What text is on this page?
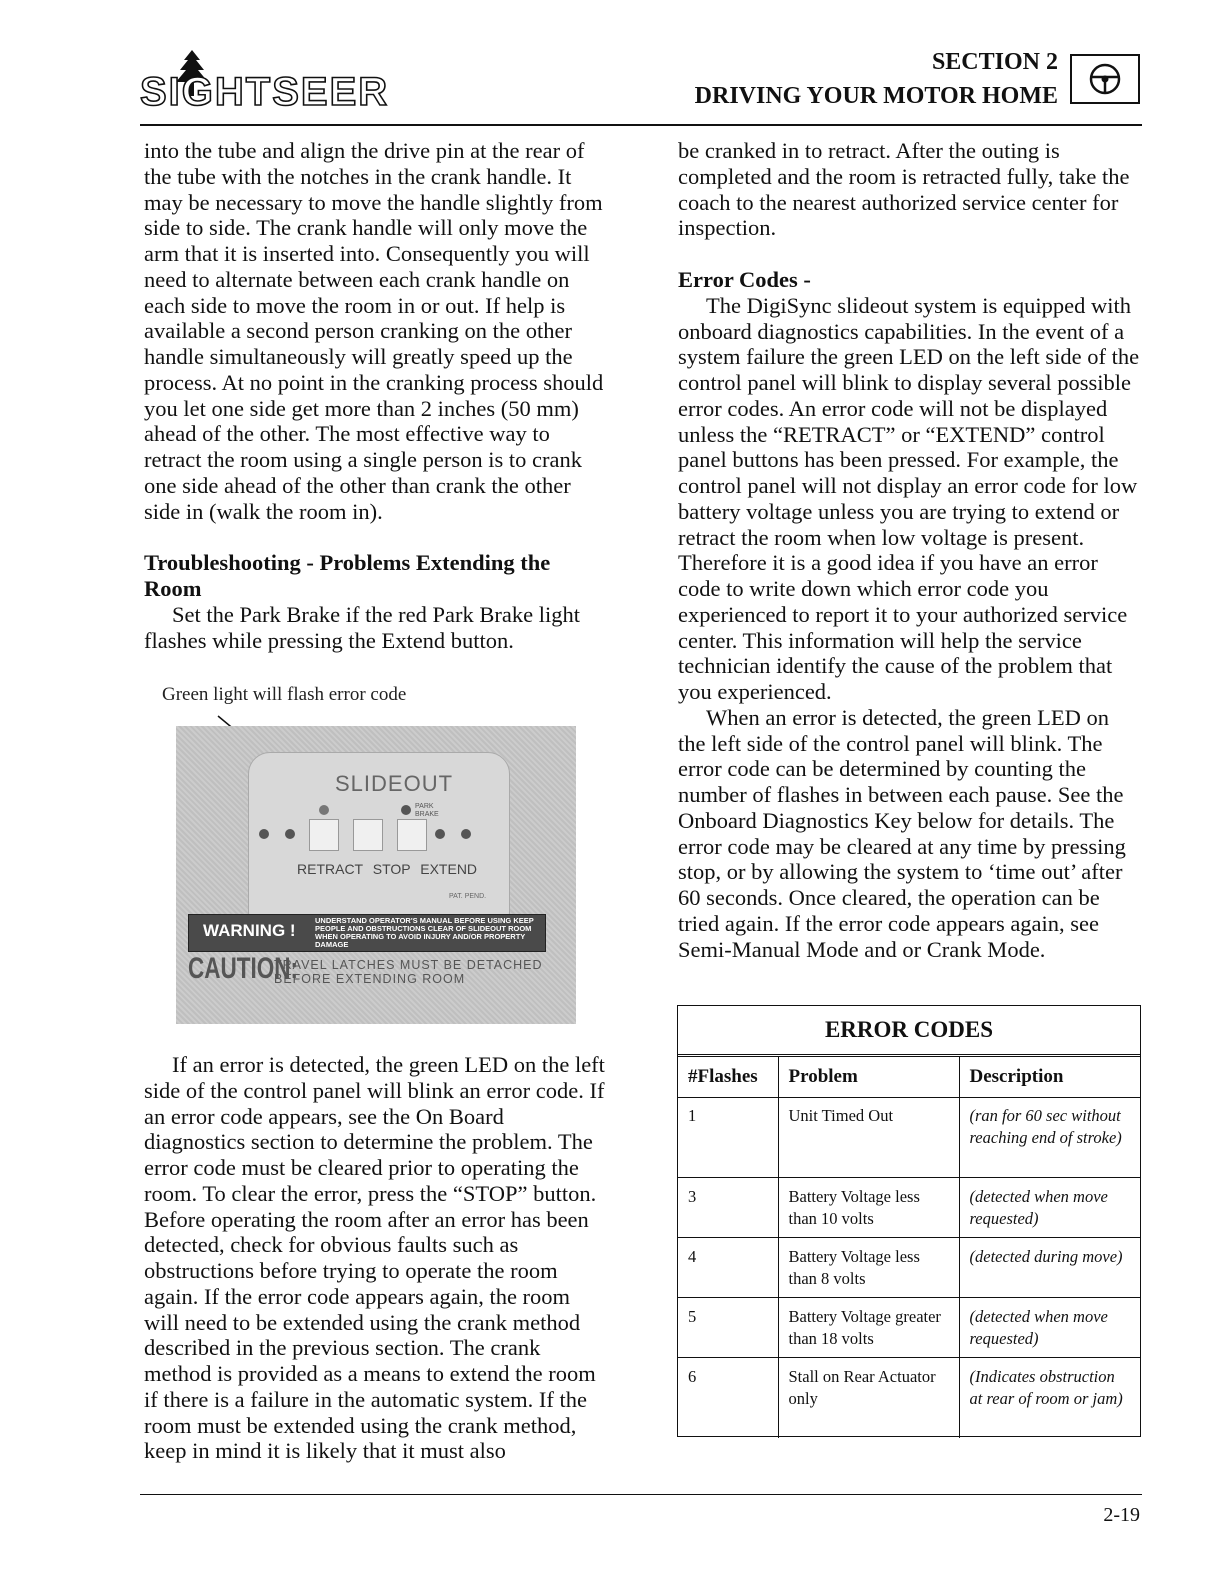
SIGHTSEER
SECTION 2
DRIVING YOUR MOTOR HOME

into the tube and align the drive pin at the rear of the tube with the notches in the crank handle. It may be necessary to move the handle slightly from side to side. The crank handle will only move the arm that it is inserted into. Consequently you will need to alternate between each crank handle on each side to move the room in or out. If help is available a second person cranking on the other handle simultaneously will greatly speed up the process. At no point in the cranking process should you let one side get more than 2 inches (50 mm) ahead of the other. The most effective way to retract the room using a single person is to crank one side ahead of the other than crank the other side in (walk the room in).

Troubleshooting - Problems Extending the Room

Set the Park Brake if the red Park Brake light flashes while pressing the Extend button.

Green light will flash error code
SLIDEOUT
PARK BRAKE
RETRACT STOP EXTEND
PAT. PEND.
WARNING !
UNDERSTAND OPERATOR'S MANUAL BEFORE USING KEEP PEOPLE AND OBSTRUCTIONS CLEAR OF SLIDEOUT ROOM WHEN OPERATING TO AVOID INJURY AND/OR PROPERTY DAMAGE
CAUTION:
TRAVEL LATCHES MUST BE DETACHED
BEFORE EXTENDING ROOM

If an error is detected, the green LED on the left side of the control panel will blink an error code. If an error code appears, see the On Board diagnostics section to determine the problem. The error code must be cleared prior to operating the room. To clear the error, press the “STOP” button. Before operating the room after an error has been detected, check for obvious faults such as obstructions before trying to operate the room again. If the error code appears again, the room will need to be extended using the crank method described in the previous section. The crank method is provided as a means to extend the room if there is a failure in the automatic system. If the room must be extended using the crank method, keep in mind it is likely that it must also

be cranked in to retract. After the outing is completed and the room is retracted fully, take the coach to the nearest authorized service center for inspection.

Error Codes -

The DigiSync slideout system is equipped with onboard diagnostics capabilities. In the event of a system failure the green LED on the left side of the control panel will blink to display several possible error codes. An error code will not be displayed unless the “RETRACT” or “EXTEND” control panel buttons has been pressed. For example, the control panel will not display an error code for low battery voltage unless you are trying to extend or retract the room when low voltage is present. Therefore it is a good idea if you have an error code to write down which error code you experienced to report it to your authorized service center. This information will help the service technician identify the cause of the problem that you experienced.

When an error is detected, the green LED on the left side of the control panel will blink. The error code can be determined by counting the number of flashes in between each pause. See the Onboard Diagnostics Key below for details. The error code may be cleared at any time by pressing stop, or by allowing the system to ‘time out’ after 60 seconds. Once cleared, the operation can be tried again. If the error code appears again, see Semi-Manual Mode and or Crank Mode.

ERROR CODES
#Flashes	Problem	Description
1	Unit Timed Out	(ran for 60 sec without reaching end of stroke)
3	Battery Voltage less than 10 volts	(detected when move requested)
4	Battery Voltage less than 8 volts	(detected during move)
5	Battery Voltage greater than 18 volts	(detected when move requested)
6	Stall on Rear Actuator only	(Indicates obstruction at rear of room or jam)
2-19
